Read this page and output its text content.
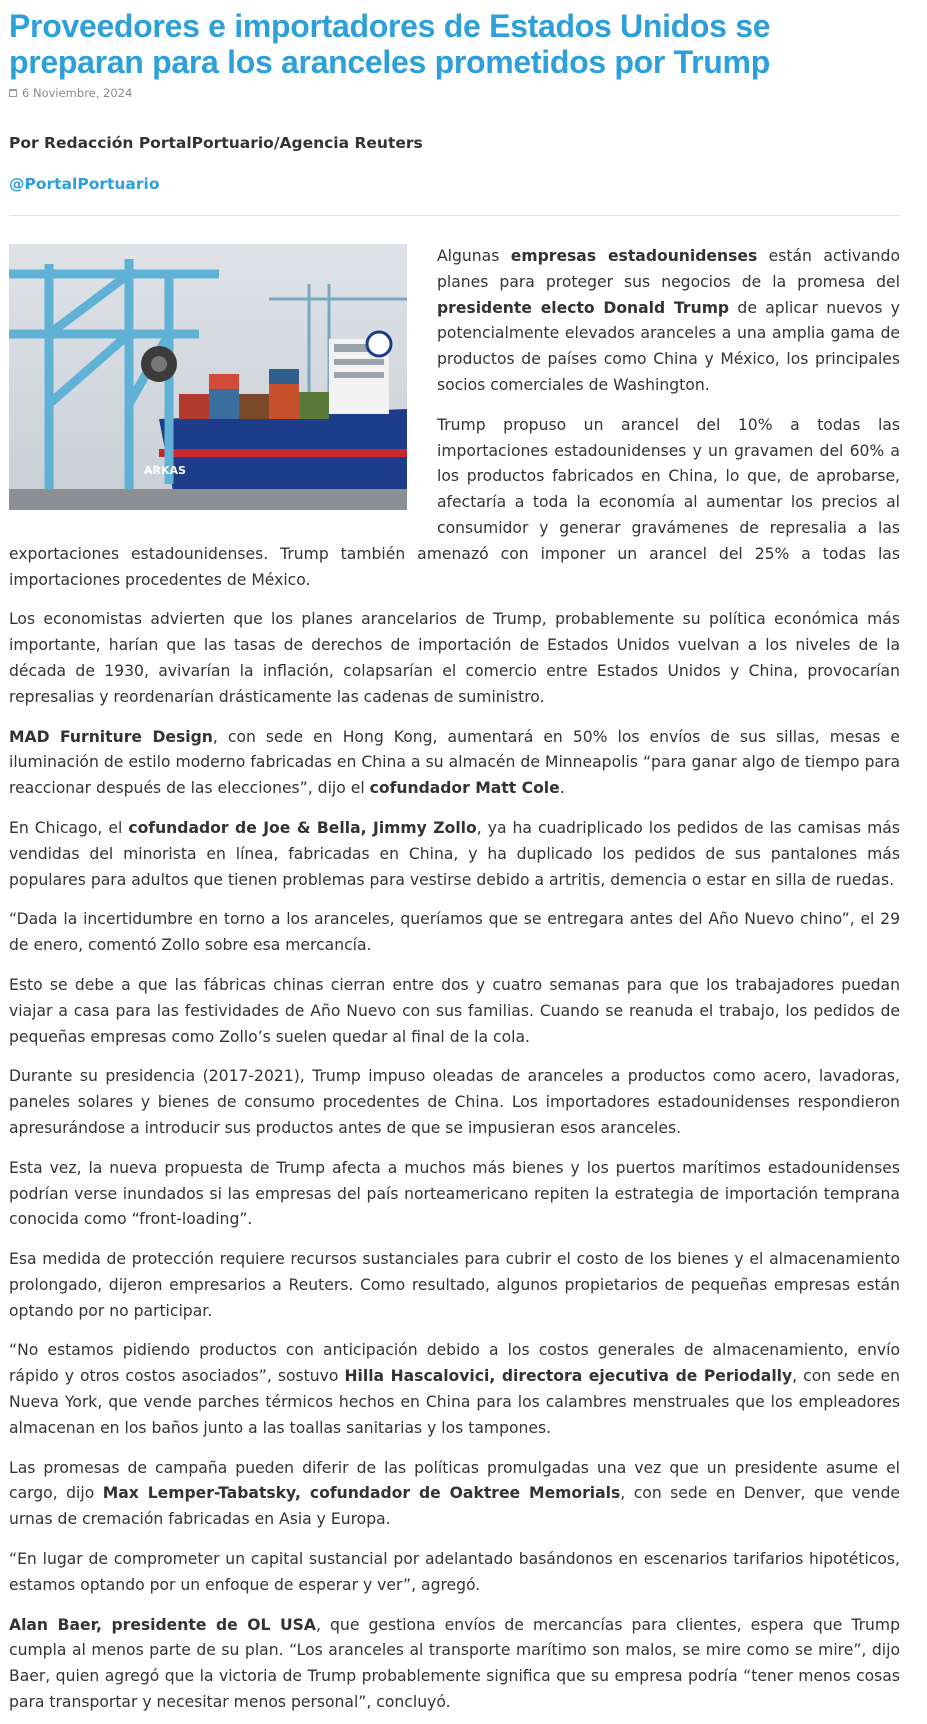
Proveedores e importadores de Estados Unidos se preparan para los aranceles prometidos por Trump
6 Noviembre, 2024
Por Redacción PortalPortuario/Agencia Reuters
@PortalPortuario
ARKAS

Algunas empresas estadounidenses están activando planes para proteger sus negocios de la promesa del presidente electo Donald Trump de aplicar nuevos y potencialmente elevados aranceles a una amplia gama de productos de países como China y México, los principales socios comerciales de Washington.

Trump propuso un arancel del 10% a todas las importaciones estadounidenses y un gravamen del 60% a los productos fabricados en China, lo que, de aprobarse, afectaría a toda la economía al aumentar los precios al consumidor y generar gravámenes de represalia a las exportaciones estadounidenses. Trump también amenazó con imponer un arancel del 25% a todas las importaciones procedentes de México.

Los economistas advierten que los planes arancelarios de Trump, probablemente su política económica más importante, harían que las tasas de derechos de importación de Estados Unidos vuelvan a los niveles de la década de 1930, avivarían la inflación, colapsarían el comercio entre Estados Unidos y China, provocarían represalias y reordenarían drásticamente las cadenas de suministro.

MAD Furniture Design, con sede en Hong Kong, aumentará en 50% los envíos de sus sillas, mesas e iluminación de estilo moderno fabricadas en China a su almacén de Minneapolis “para ganar algo de tiempo para reaccionar después de las elecciones”, dijo el cofundador Matt Cole.

En Chicago, el cofundador de Joe & Bella, Jimmy Zollo, ya ha cuadriplicado los pedidos de las camisas más vendidas del minorista en línea, fabricadas en China, y ha duplicado los pedidos de sus pantalones más populares para adultos que tienen problemas para vestirse debido a artritis, demencia o estar en silla de ruedas.

“Dada la incertidumbre en torno a los aranceles, queríamos que se entregara antes del Año Nuevo chino”, el 29 de enero, comentó Zollo sobre esa mercancía.

Esto se debe a que las fábricas chinas cierran entre dos y cuatro semanas para que los trabajadores puedan viajar a casa para las festividades de Año Nuevo con sus familias. Cuando se reanuda el trabajo, los pedidos de pequeñas empresas como Zollo’s suelen quedar al final de la cola.

Durante su presidencia (2017-2021), Trump impuso oleadas de aranceles a productos como acero, lavadoras, paneles solares y bienes de consumo procedentes de China. Los importadores estadounidenses respondieron apresurándose a introducir sus productos antes de que se impusieran esos aranceles.

Esta vez, la nueva propuesta de Trump afecta a muchos más bienes y los puertos marítimos estadounidenses podrían verse inundados si las empresas del país norteamericano repiten la estrategia de importación temprana conocida como “front-loading”.

Esa medida de protección requiere recursos sustanciales para cubrir el costo de los bienes y el almacenamiento prolongado, dijeron empresarios a Reuters. Como resultado, algunos propietarios de pequeñas empresas están optando por no participar.

“No estamos pidiendo productos con anticipación debido a los costos generales de almacenamiento, envío rápido y otros costos asociados”, sostuvo Hilla Hascalovici, directora ejecutiva de Periodally, con sede en Nueva York, que vende parches térmicos hechos en China para los calambres menstruales que los empleadores almacenan en los baños junto a las toallas sanitarias y los tampones.

Las promesas de campaña pueden diferir de las políticas promulgadas una vez que un presidente asume el cargo, dijo Max Lemper-Tabatsky, cofundador de Oaktree Memorials, con sede en Denver, que vende urnas de cremación fabricadas en Asia y Europa.

“En lugar de comprometer un capital sustancial por adelantado basándonos en escenarios tarifarios hipotéticos, estamos optando por un enfoque de esperar y ver”, agregó.

Alan Baer, presidente de OL USA, que gestiona envíos de mercancías para clientes, espera que Trump cumpla al menos parte de su plan. “Los aranceles al transporte marítimo son malos, se mire como se mire”, dijo Baer, quien agregó que la victoria de Trump probablemente significa que su empresa podría “tener menos cosas para transportar y necesitar menos personal”, concluyó.
